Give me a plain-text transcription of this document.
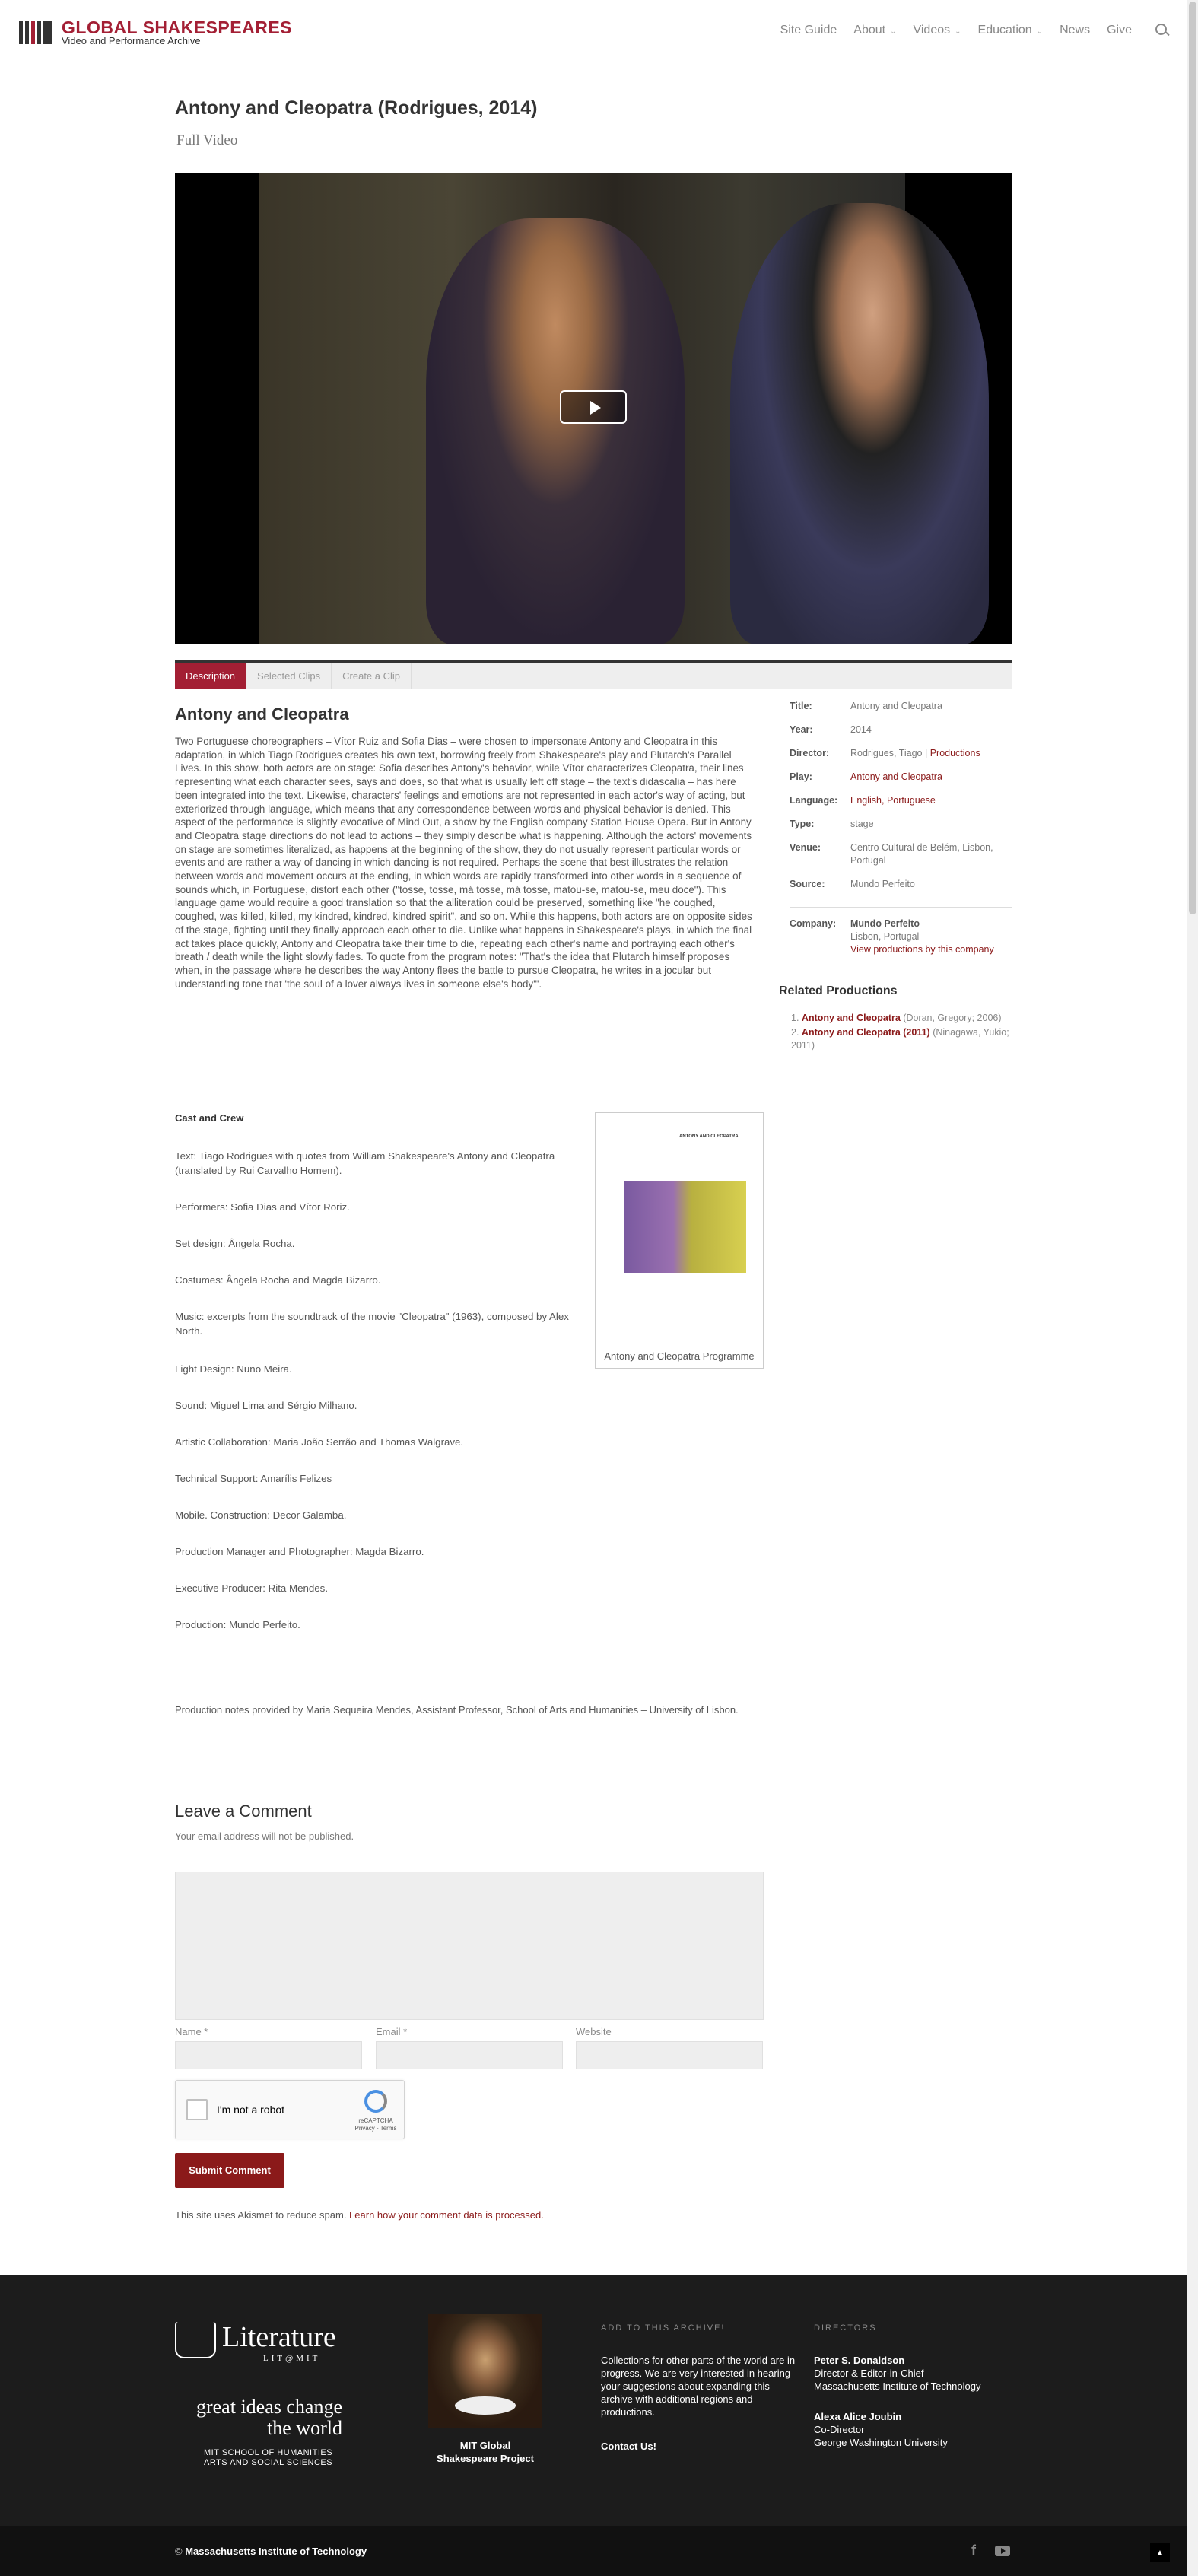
GLOBAL SHAKESPEARES
Video and Performance Archive
Site Guide About ⌄ Videos ⌄ Education ⌄ News Give
Antony and Cleopatra (Rodrigues, 2014)
Full Video
Description	Selected Clips	Create a Clip
Antony and Cleopatra

Two Portuguese choreographers – Vítor Ruiz and Sofia Dias – were chosen to impersonate Antony and Cleopatra in this adaptation, in which Tiago Rodrigues creates his own text, borrowing freely from Shakespeare's play and Plutarch's Parallel Lives. In this show, both actors are on stage: Sofia describes Antony's behavior, while Vítor characterizes Cleopatra, their lines representing what each character sees, says and does, so that what is usually left off stage – the text's didascalia – has here been integrated into the text. Likewise, characters' feelings and emotions are not represented in each actor's way of acting, but exteriorized through language, which means that any correspondence between words and physical behavior is denied. This aspect of the performance is slightly evocative of Mind Out, a show by the English company Station House Opera. But in Antony and Cleopatra stage directions do not lead to actions – they simply describe what is happening. Although the actors' movements on stage are sometimes literalized, as happens at the beginning of the show, they do not usually represent particular words or events and are rather a way of dancing in which dancing is not required. Perhaps the scene that best illustrates the relation between words and movement occurs at the ending, in which words are rapidly transformed into other words in a sequence of sounds which, in Portuguese, distort each other ("tosse, tosse, má tosse, má tosse, matou-se, matou-se, meu doce"). This language game would require a good translation so that the alliteration could be preserved, something like "he coughed, coughed, was killed, killed, my kindred, kindred, kindred spirit", and so on. While this happens, both actors are on opposite sides of the stage, fighting until they finally approach each other to die. Unlike what happens in Shakespeare's plays, in which the final act takes place quickly, Antony and Cleopatra take their time to die, repeating each other's name and portraying each other's breath / death while the light slowly fades. To quote from the program notes: "That's the idea that Plutarch himself proposes when, in the passage where he describes the way Antony flees the battle to pursue Cleopatra, he writes in a jocular but understanding tone that 'the soul of a lover always lives in someone else's body'".

Title:	Antony and Cleopatra
Year:	2014
Director:	Rodrigues, Tiago | Productions
Play:	Antony and Cleopatra
Language:	English, Portuguese
Type:	stage
Venue:	Centro Cultural de Belém, Lisbon, Portugal
Source:	Mundo Perfeito
Company:	Mundo Perfeito
Lisbon, Portugal
View productions by this company
Related Productions
1. Antony and Cleopatra (Doran, Gregory; 2006)
2. Antony and Cleopatra (2011) (Ninagawa, Yukio; 2011)
Cast and Crew

Text: Tiago Rodrigues with quotes from William Shakespeare's Antony and Cleopatra (translated by Rui Carvalho Homem).

Performers: Sofia Dias and Vítor Roriz.

Set design: Ângela Rocha.

Costumes: Ângela Rocha and Magda Bizarro.

Music: excerpts from the soundtrack of the movie "Cleopatra" (1963), composed by Alex North.

Light Design: Nuno Meira.

Sound: Miguel Lima and Sérgio Milhano.

Artistic Collaboration: Maria João Serrão and Thomas Walgrave.

Technical Support: Amarílis Felizes

Mobile. Construction: Decor Galamba.

Production Manager and Photographer: Magda Bizarro.

Executive Producer: Rita Mendes.

Production: Mundo Perfeito.

ANTONY AND CLEOPATRA
Antony and Cleopatra Programme

Production notes provided by Maria Sequeira Mendes, Assistant Professor, School of Arts and Humanities – University of Lisbon.

Leave a Comment
Your email address will not be published.
Name *	Email *	Website
I'm not a robot
reCAPTCHA
Privacy - Terms
Submit Comment
This site uses Akismet to reduce spam. Learn how your comment data is processed.
Literature
LIT@MIT
great ideas change the world
MIT SCHOOL OF HUMANITIES ARTS AND SOCIAL SCIENCES
MIT Global Shakespeare Project
ADD TO THIS ARCHIVE!

Collections for other parts of the world are in progress. We are very interested in hearing your suggestions about expanding this archive with additional regions and productions.

Contact Us!
DIRECTORS
Peter S. Donaldson
Director & Editor-in-Chief
Massachusetts Institute of Technology
Alexa Alice Joubin
Co-Director
George Washington University
© Massachusetts Institute of Technology	f	▲
